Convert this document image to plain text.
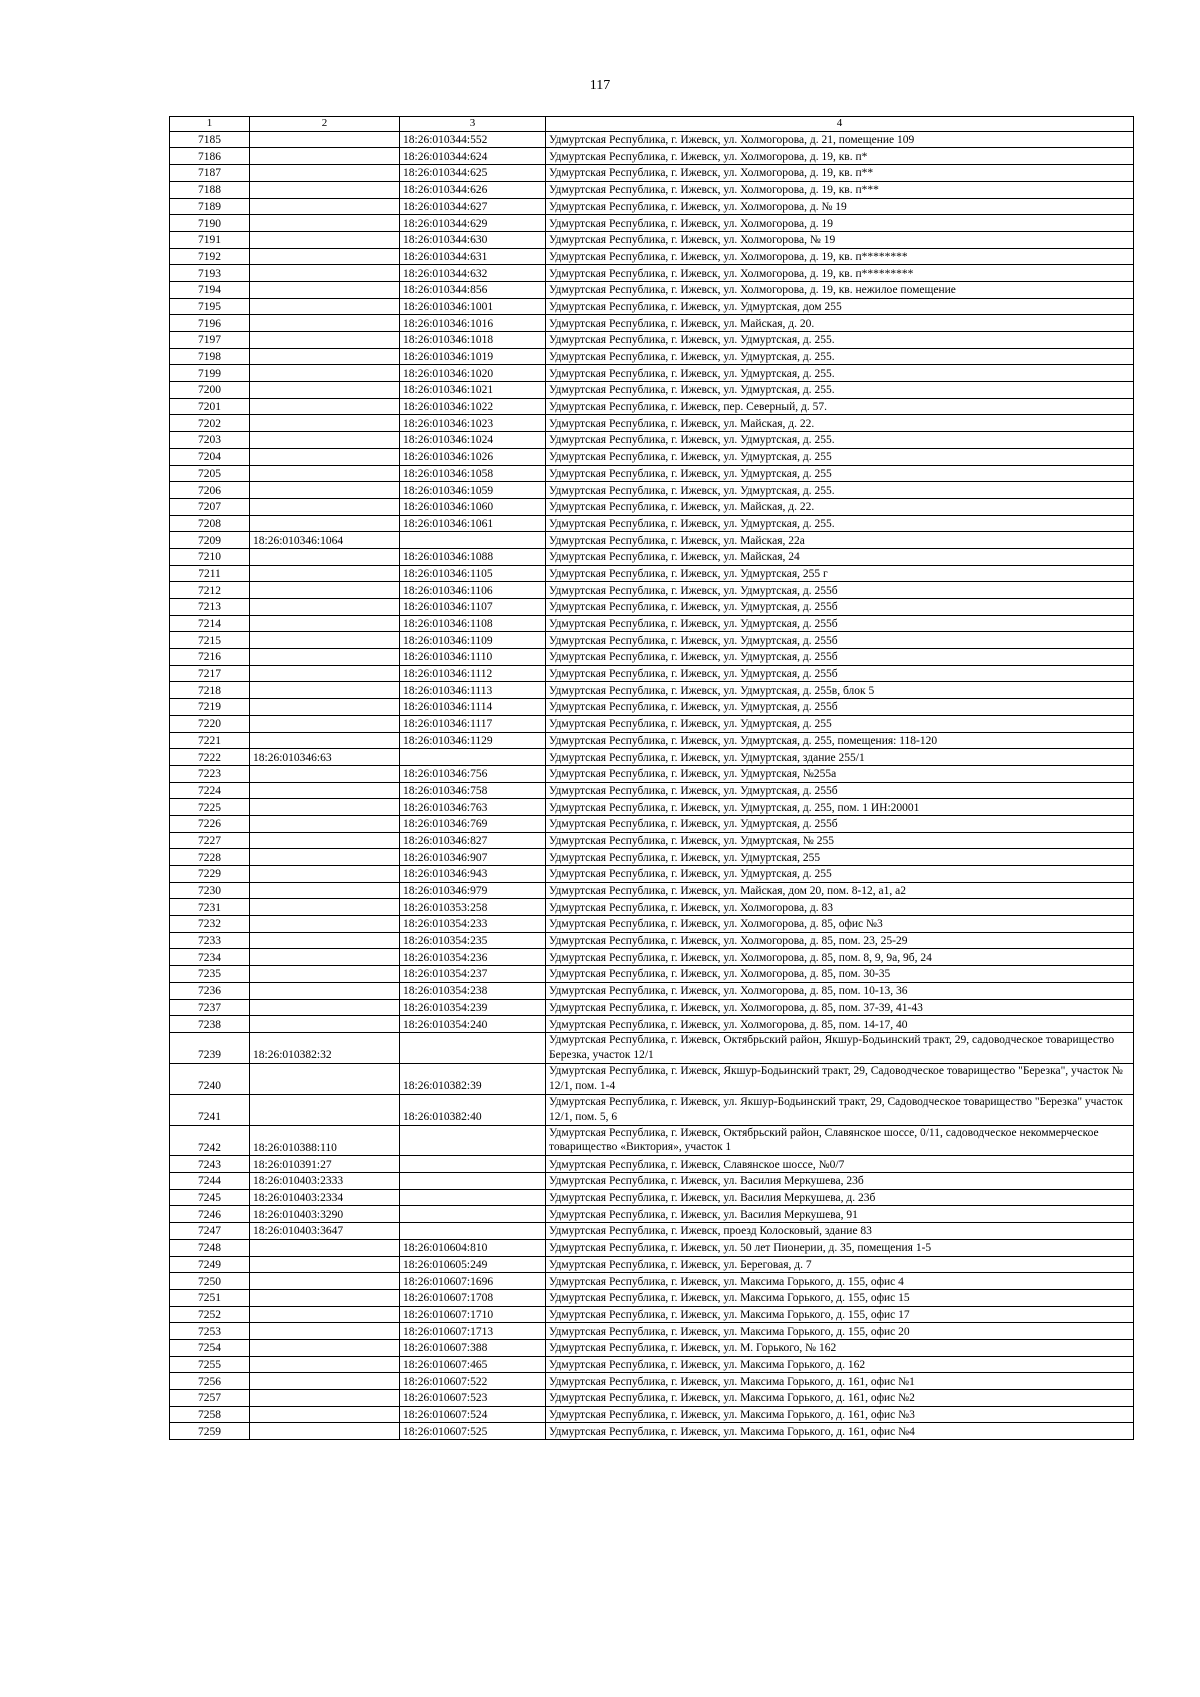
117
1	2	3	4
7185		18:26:010344:552	Удмуртская Республика, г. Ижевск, ул. Холмогорова, д. 21, помещение 109
7186		18:26:010344:624	Удмуртская Республика, г. Ижевск, ул. Холмогорова, д. 19, кв. п*
7187		18:26:010344:625	Удмуртская Республика, г. Ижевск, ул. Холмогорова, д. 19, кв. п**
7188		18:26:010344:626	Удмуртская Республика, г. Ижевск, ул. Холмогорова, д. 19, кв. п***
7189		18:26:010344:627	Удмуртская Республика, г. Ижевск, ул. Холмогорова, д. № 19
7190		18:26:010344:629	Удмуртская Республика, г. Ижевск, ул. Холмогорова, д. 19
7191		18:26:010344:630	Удмуртская Республика, г. Ижевск, ул. Холмогорова, № 19
7192		18:26:010344:631	Удмуртская Республика, г. Ижевск, ул. Холмогорова, д. 19, кв. п********
7193		18:26:010344:632	Удмуртская Республика, г. Ижевск, ул. Холмогорова, д. 19, кв. п*********
7194		18:26:010344:856	Удмуртская Республика, г. Ижевск, ул. Холмогорова, д. 19, кв. нежилое помещение
7195		18:26:010346:1001	Удмуртская Республика, г. Ижевск, ул. Удмуртская, дом 255
7196		18:26:010346:1016	Удмуртская Республика, г. Ижевск, ул. Майская, д. 20.
7197		18:26:010346:1018	Удмуртская Республика, г. Ижевск, ул. Удмуртская, д. 255.
7198		18:26:010346:1019	Удмуртская Республика, г. Ижевск, ул. Удмуртская, д. 255.
7199		18:26:010346:1020	Удмуртская Республика, г. Ижевск, ул. Удмуртская, д. 255.
7200		18:26:010346:1021	Удмуртская Республика, г. Ижевск, ул. Удмуртская, д. 255.
7201		18:26:010346:1022	Удмуртская Республика, г. Ижевск, пер. Северный, д. 57.
7202		18:26:010346:1023	Удмуртская Республика, г. Ижевск, ул. Майская, д. 22.
7203		18:26:010346:1024	Удмуртская Республика, г. Ижевск, ул. Удмуртская, д. 255.
7204		18:26:010346:1026	Удмуртская Республика, г. Ижевск, ул. Удмуртская, д. 255
7205		18:26:010346:1058	Удмуртская Республика, г. Ижевск, ул. Удмуртская, д. 255
7206		18:26:010346:1059	Удмуртская Республика, г. Ижевск, ул. Удмуртская, д. 255.
7207		18:26:010346:1060	Удмуртская Республика, г. Ижевск, ул. Майская, д. 22.
7208		18:26:010346:1061	Удмуртская Республика, г. Ижевск, ул. Удмуртская, д. 255.
7209	18:26:010346:1064		Удмуртская Республика, г. Ижевск, ул. Майская, 22а
7210		18:26:010346:1088	Удмуртская Республика, г. Ижевск, ул. Майская, 24
7211		18:26:010346:1105	Удмуртская Республика, г. Ижевск, ул. Удмуртская, 255 г
7212		18:26:010346:1106	Удмуртская Республика, г. Ижевск, ул. Удмуртская, д. 255б
7213		18:26:010346:1107	Удмуртская Республика, г. Ижевск, ул. Удмуртская, д. 255б
7214		18:26:010346:1108	Удмуртская Республика, г. Ижевск, ул. Удмуртская, д. 255б
7215		18:26:010346:1109	Удмуртская Республика, г. Ижевск, ул. Удмуртская, д. 255б
7216		18:26:010346:1110	Удмуртская Республика, г. Ижевск, ул. Удмуртская, д. 255б
7217		18:26:010346:1112	Удмуртская Республика, г. Ижевск, ул. Удмуртская, д. 255б
7218		18:26:010346:1113	Удмуртская Республика, г. Ижевск, ул. Удмуртская, д. 255в, блок 5
7219		18:26:010346:1114	Удмуртская Республика, г. Ижевск, ул. Удмуртская, д. 255б
7220		18:26:010346:1117	Удмуртская Республика, г. Ижевск, ул. Удмуртская, д. 255
7221		18:26:010346:1129	Удмуртская Республика, г. Ижевск, ул. Удмуртская, д. 255, помещения: 118-120
7222	18:26:010346:63		Удмуртская Республика, г. Ижевск, ул. Удмуртская, здание 255/1
7223		18:26:010346:756	Удмуртская Республика, г. Ижевск, ул. Удмуртская, №255а
7224		18:26:010346:758	Удмуртская Республика, г. Ижевск, ул. Удмуртская, д. 255б
7225		18:26:010346:763	Удмуртская Республика, г. Ижевск, ул. Удмуртская, д. 255, пом. 1 ИН:20001
7226		18:26:010346:769	Удмуртская Республика, г. Ижевск, ул. Удмуртская, д. 255б
7227		18:26:010346:827	Удмуртская Республика, г. Ижевск, ул. Удмуртская, № 255
7228		18:26:010346:907	Удмуртская Республика, г. Ижевск, ул. Удмуртская, 255
7229		18:26:010346:943	Удмуртская Республика, г. Ижевск, ул. Удмуртская, д. 255
7230		18:26:010346:979	Удмуртская Республика, г. Ижевск, ул. Майская, дом 20, пом. 8-12, а1, а2
7231		18:26:010353:258	Удмуртская Республика, г. Ижевск, ул. Холмогорова, д. 83
7232		18:26:010354:233	Удмуртская Республика, г. Ижевск, ул. Холмогорова, д. 85, офис №3
7233		18:26:010354:235	Удмуртская Республика, г. Ижевск, ул. Холмогорова, д. 85, пом. 23, 25-29
7234		18:26:010354:236	Удмуртская Республика, г. Ижевск, ул. Холмогорова, д. 85, пом. 8, 9, 9а, 9б, 24
7235		18:26:010354:237	Удмуртская Республика, г. Ижевск, ул. Холмогорова, д. 85, пом. 30-35
7236		18:26:010354:238	Удмуртская Республика, г. Ижевск, ул. Холмогорова, д. 85, пом. 10-13, 36
7237		18:26:010354:239	Удмуртская Республика, г. Ижевск, ул. Холмогорова, д. 85, пом. 37-39, 41-43
7238		18:26:010354:240	Удмуртская Республика, г. Ижевск, ул. Холмогорова, д. 85, пом. 14-17, 40
7239	18:26:010382:32		Удмуртская Республика, г. Ижевск, Октябрьский район, Якшур-Бодьинский тракт, 29, садоводческое товарищество Березка, участок 12/1
7240		18:26:010382:39	Удмуртская Республика, г. Ижевск, Якшур-Бодьинский тракт, 29, Садоводческое товарищество "Березка", участок № 12/1, пом. 1-4
7241		18:26:010382:40	Удмуртская Республика, г. Ижевск, ул. Якшур-Бодьинский тракт, 29, Садоводческое товарищество "Березка" участок 12/1, пом. 5, 6
7242	18:26:010388:110		Удмуртская Республика, г. Ижевск, Октябрьский район, Славянское шоссе, 0/11, садоводческое некоммерческое товарищество «Виктория», участок 1
7243	18:26:010391:27		Удмуртская Республика, г. Ижевск, Славянское шоссе, №0/7
7244	18:26:010403:2333		Удмуртская Республика, г. Ижевск, ул. Василия Меркушева, 23б
7245	18:26:010403:2334		Удмуртская Республика, г. Ижевск, ул. Василия Меркушева, д. 23б
7246	18:26:010403:3290		Удмуртская Республика, г. Ижевск, ул. Василия Меркушева, 91
7247	18:26:010403:3647		Удмуртская Республика, г. Ижевск, проезд Колосковый, здание 83
7248		18:26:010604:810	Удмуртская Республика, г. Ижевск, ул. 50 лет Пионерии, д. 35, помещения 1-5
7249		18:26:010605:249	Удмуртская Республика, г. Ижевск, ул. Береговая, д. 7
7250		18:26:010607:1696	Удмуртская Республика, г. Ижевск, ул. Максима Горького, д. 155, офис 4
7251		18:26:010607:1708	Удмуртская Республика, г. Ижевск, ул. Максима Горького, д. 155, офис 15
7252		18:26:010607:1710	Удмуртская Республика, г. Ижевск, ул. Максима Горького, д. 155, офис 17
7253		18:26:010607:1713	Удмуртская Республика, г. Ижевск, ул. Максима Горького, д. 155, офис 20
7254		18:26:010607:388	Удмуртская Республика, г. Ижевск, ул. М. Горького, № 162
7255		18:26:010607:465	Удмуртская Республика, г. Ижевск, ул. Максима Горького, д. 162
7256		18:26:010607:522	Удмуртская Республика, г. Ижевск, ул. Максима Горького, д. 161, офис №1
7257		18:26:010607:523	Удмуртская Республика, г. Ижевск, ул. Максима Горького, д. 161, офис №2
7258		18:26:010607:524	Удмуртская Республика, г. Ижевск, ул. Максима Горького, д. 161, офис №3
7259		18:26:010607:525	Удмуртская Республика, г. Ижевск, ул. Максима Горького, д. 161, офис №4
